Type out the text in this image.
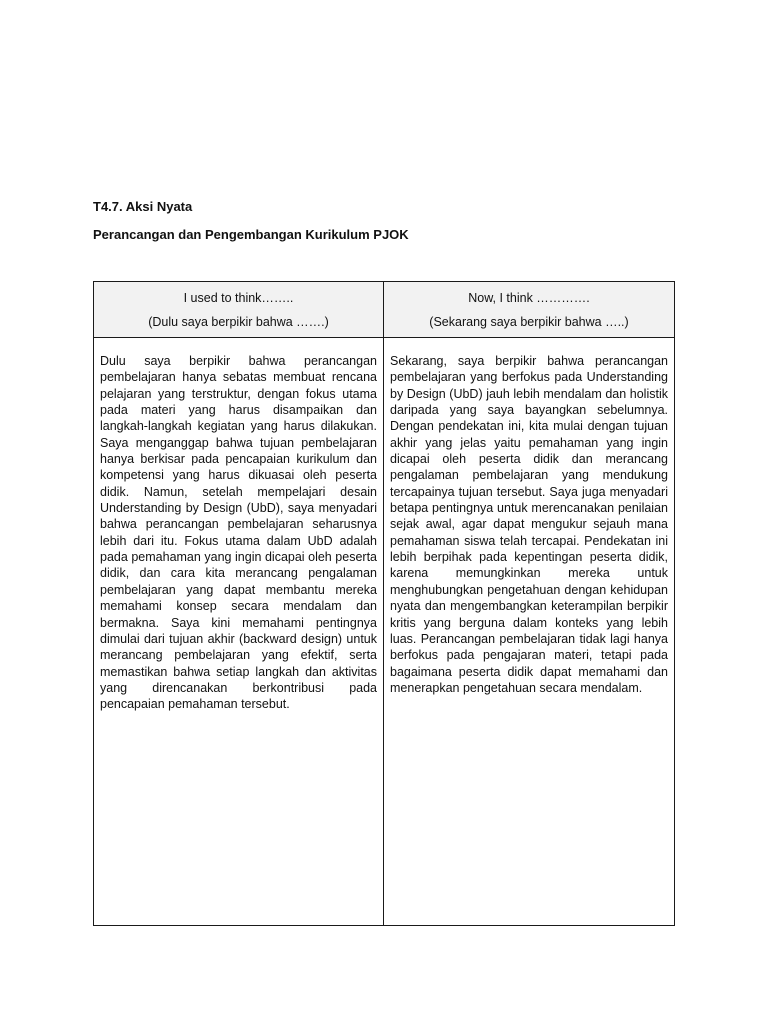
T4.7. Aksi Nyata
Perancangan dan Pengembangan Kurikulum PJOK
I used to think……..
(Dulu saya berpikir bahwa …….)
Now, I think ………….
(Sekarang saya berpikir bahwa …..)
Dulu saya berpikir bahwa perancangan pembelajaran hanya sebatas membuat rencana pelajaran yang terstruktur, dengan fokus utama pada materi yang harus disampaikan dan langkah-langkah kegiatan yang harus dilakukan. Saya menganggap bahwa tujuan pembelajaran hanya berkisar pada pencapaian kurikulum dan kompetensi yang harus dikuasai oleh peserta didik. Namun, setelah mempelajari desain Understanding by Design (UbD), saya menyadari bahwa perancangan pembelajaran seharusnya lebih dari itu. Fokus utama dalam UbD adalah pada pemahaman yang ingin dicapai oleh peserta didik, dan cara kita merancang pengalaman pembelajaran yang dapat membantu mereka memahami konsep secara mendalam dan bermakna. Saya kini memahami pentingnya dimulai dari tujuan akhir (backward design) untuk merancang pembelajaran yang efektif, serta memastikan bahwa setiap langkah dan aktivitas yang direncanakan berkontribusi pada pencapaian pemahaman tersebut.
Sekarang, saya berpikir bahwa perancangan pembelajaran yang berfokus pada Understanding by Design (UbD) jauh lebih mendalam dan holistik daripada yang saya bayangkan sebelumnya. Dengan pendekatan ini, kita mulai dengan tujuan akhir yang jelas yaitu pemahaman yang ingin dicapai oleh peserta didik dan merancang pengalaman pembelajaran yang mendukung tercapainya tujuan tersebut. Saya juga menyadari betapa pentingnya untuk merencanakan penilaian sejak awal, agar dapat mengukur sejauh mana pemahaman siswa telah tercapai. Pendekatan ini lebih berpihak pada kepentingan peserta didik, karena memungkinkan mereka untuk menghubungkan pengetahuan dengan kehidupan nyata dan mengembangkan keterampilan berpikir kritis yang berguna dalam konteks yang lebih luas. Perancangan pembelajaran tidak lagi hanya berfokus pada pengajaran materi, tetapi pada bagaimana peserta didik dapat memahami dan menerapkan pengetahuan secara mendalam.
